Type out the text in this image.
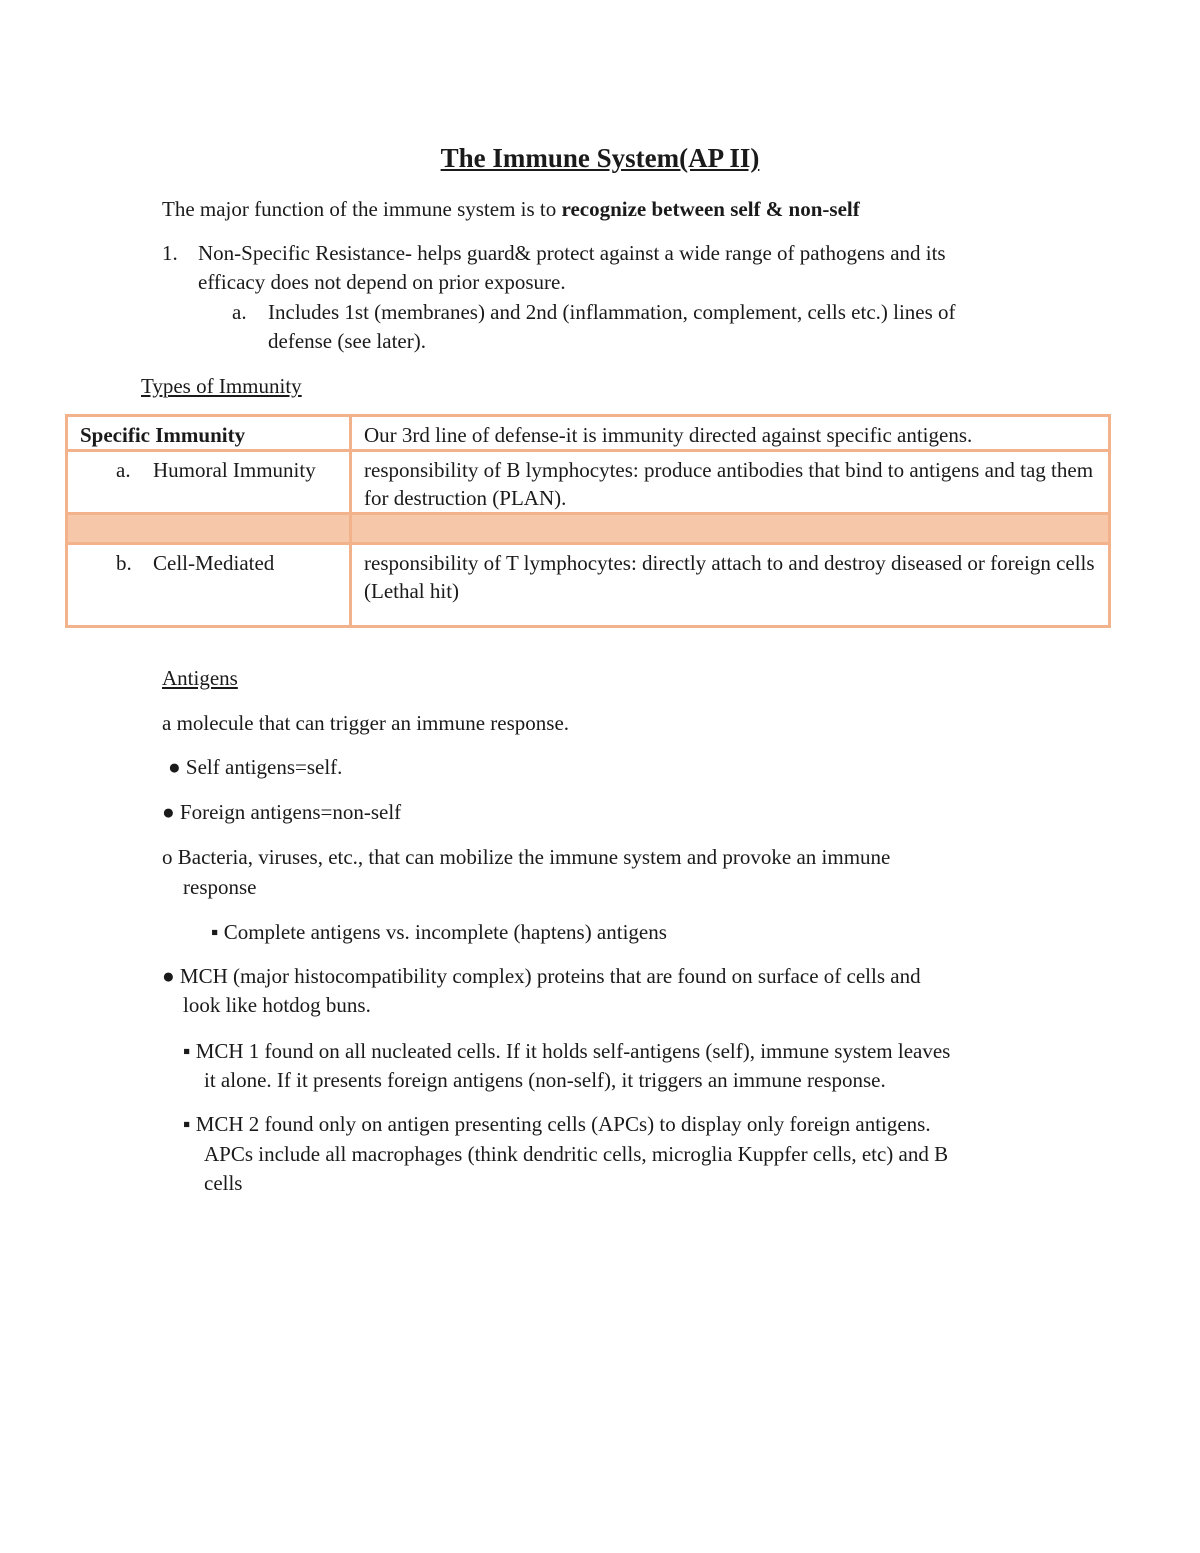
The Immune System(AP II)
The major function of the immune system is to recognize between self & non-self
1. Non-Specific Resistance- helps guard& protect against a wide range of pathogens and its
efficacy does not depend on prior exposure.
a. Includes 1st (membranes) and 2nd (inflammation, complement, cells etc.) lines of
defense (see later).
Types of Immunity
Specific Immunity	Our 3rd line of defense-it is immunity directed against specific antigens.
a. Humoral Immunity	responsibility of B lymphocytes: produce antibodies that bind to antigens and tag them for destruction (PLAN).

b. Cell-Mediated	responsibility of T lymphocytes: directly attach to and destroy diseased or foreign cells (Lethal hit)
Antigens
a molecule that can trigger an immune response.
● Self antigens=self.
● Foreign antigens=non-self
o Bacteria, viruses, etc., that can mobilize the immune system and provoke an immune
response
▪ Complete antigens vs. incomplete (haptens) antigens
● MCH (major histocompatibility complex) proteins that are found on surface of cells and
look like hotdog buns.
▪ MCH 1 found on all nucleated cells. If it holds self-antigens (self), immune system leaves
it alone. If it presents foreign antigens (non-self), it triggers an immune response.
▪ MCH 2 found only on antigen presenting cells (APCs) to display only foreign antigens.
APCs include all macrophages (think dendritic cells, microglia Kuppfer cells, etc) and B
cells
